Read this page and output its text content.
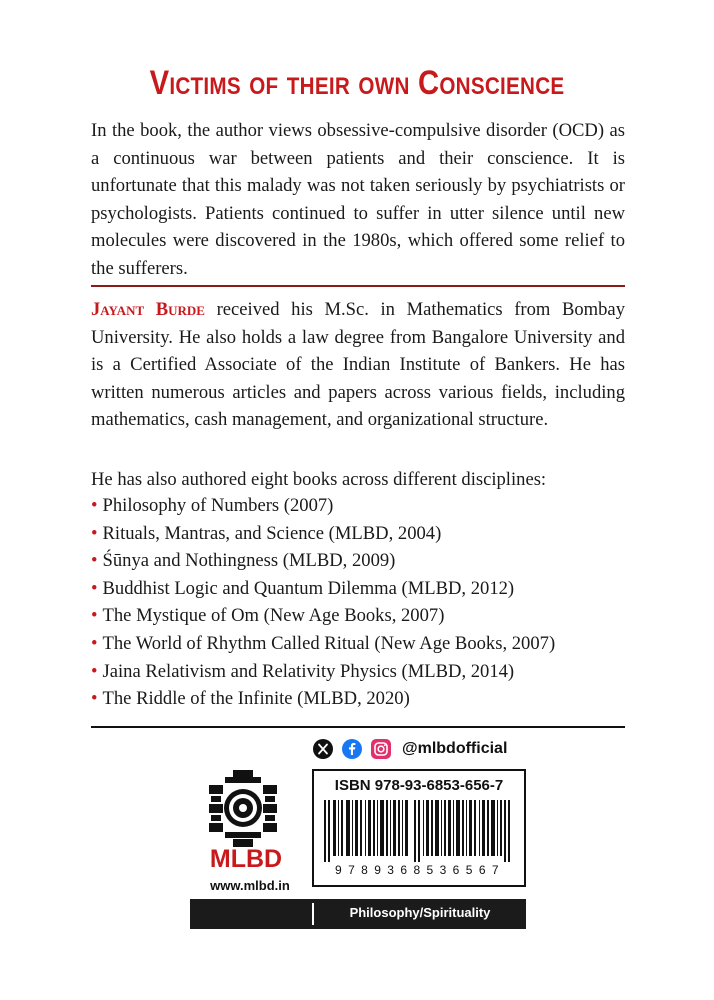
Victims of their own Conscience
In the book, the author views obsessive-compulsive disorder (OCD) as a continuous war between patients and their conscience. It is unfortunate that this malady was not taken seriously by psychiatrists or psychologists. Patients continued to suffer in utter silence until new molecules were discovered in the 1980s, which offered some relief to the sufferers.
Jayant Burde received his M.Sc. in Mathematics from Bombay University. He also holds a law degree from Bangalore University and is a Certified Associate of the Indian Institute of Bankers. He has written numerous articles and papers across various fields, including mathematics, cash management, and organizational structure.
He has also authored eight books across different disciplines:
• Philosophy of Numbers (2007)
• Rituals, Mantras, and Science (MLBD, 2004)
• Śūnya and Nothingness (MLBD, 2009)
• Buddhist Logic and Quantum Dilemma (MLBD, 2012)
• The Mystique of Om (New Age Books, 2007)
• The World of Rhythm Called Ritual (New Age Books, 2007)
• Jaina Relativism and Relativity Physics (MLBD, 2014)
• The Riddle of the Infinite (MLBD, 2020)
@mlbdofficial
MLBD
www.mlbd.in
ISBN 978-93-6853-656-7
9789368536567
Philosophy/Spirituality
